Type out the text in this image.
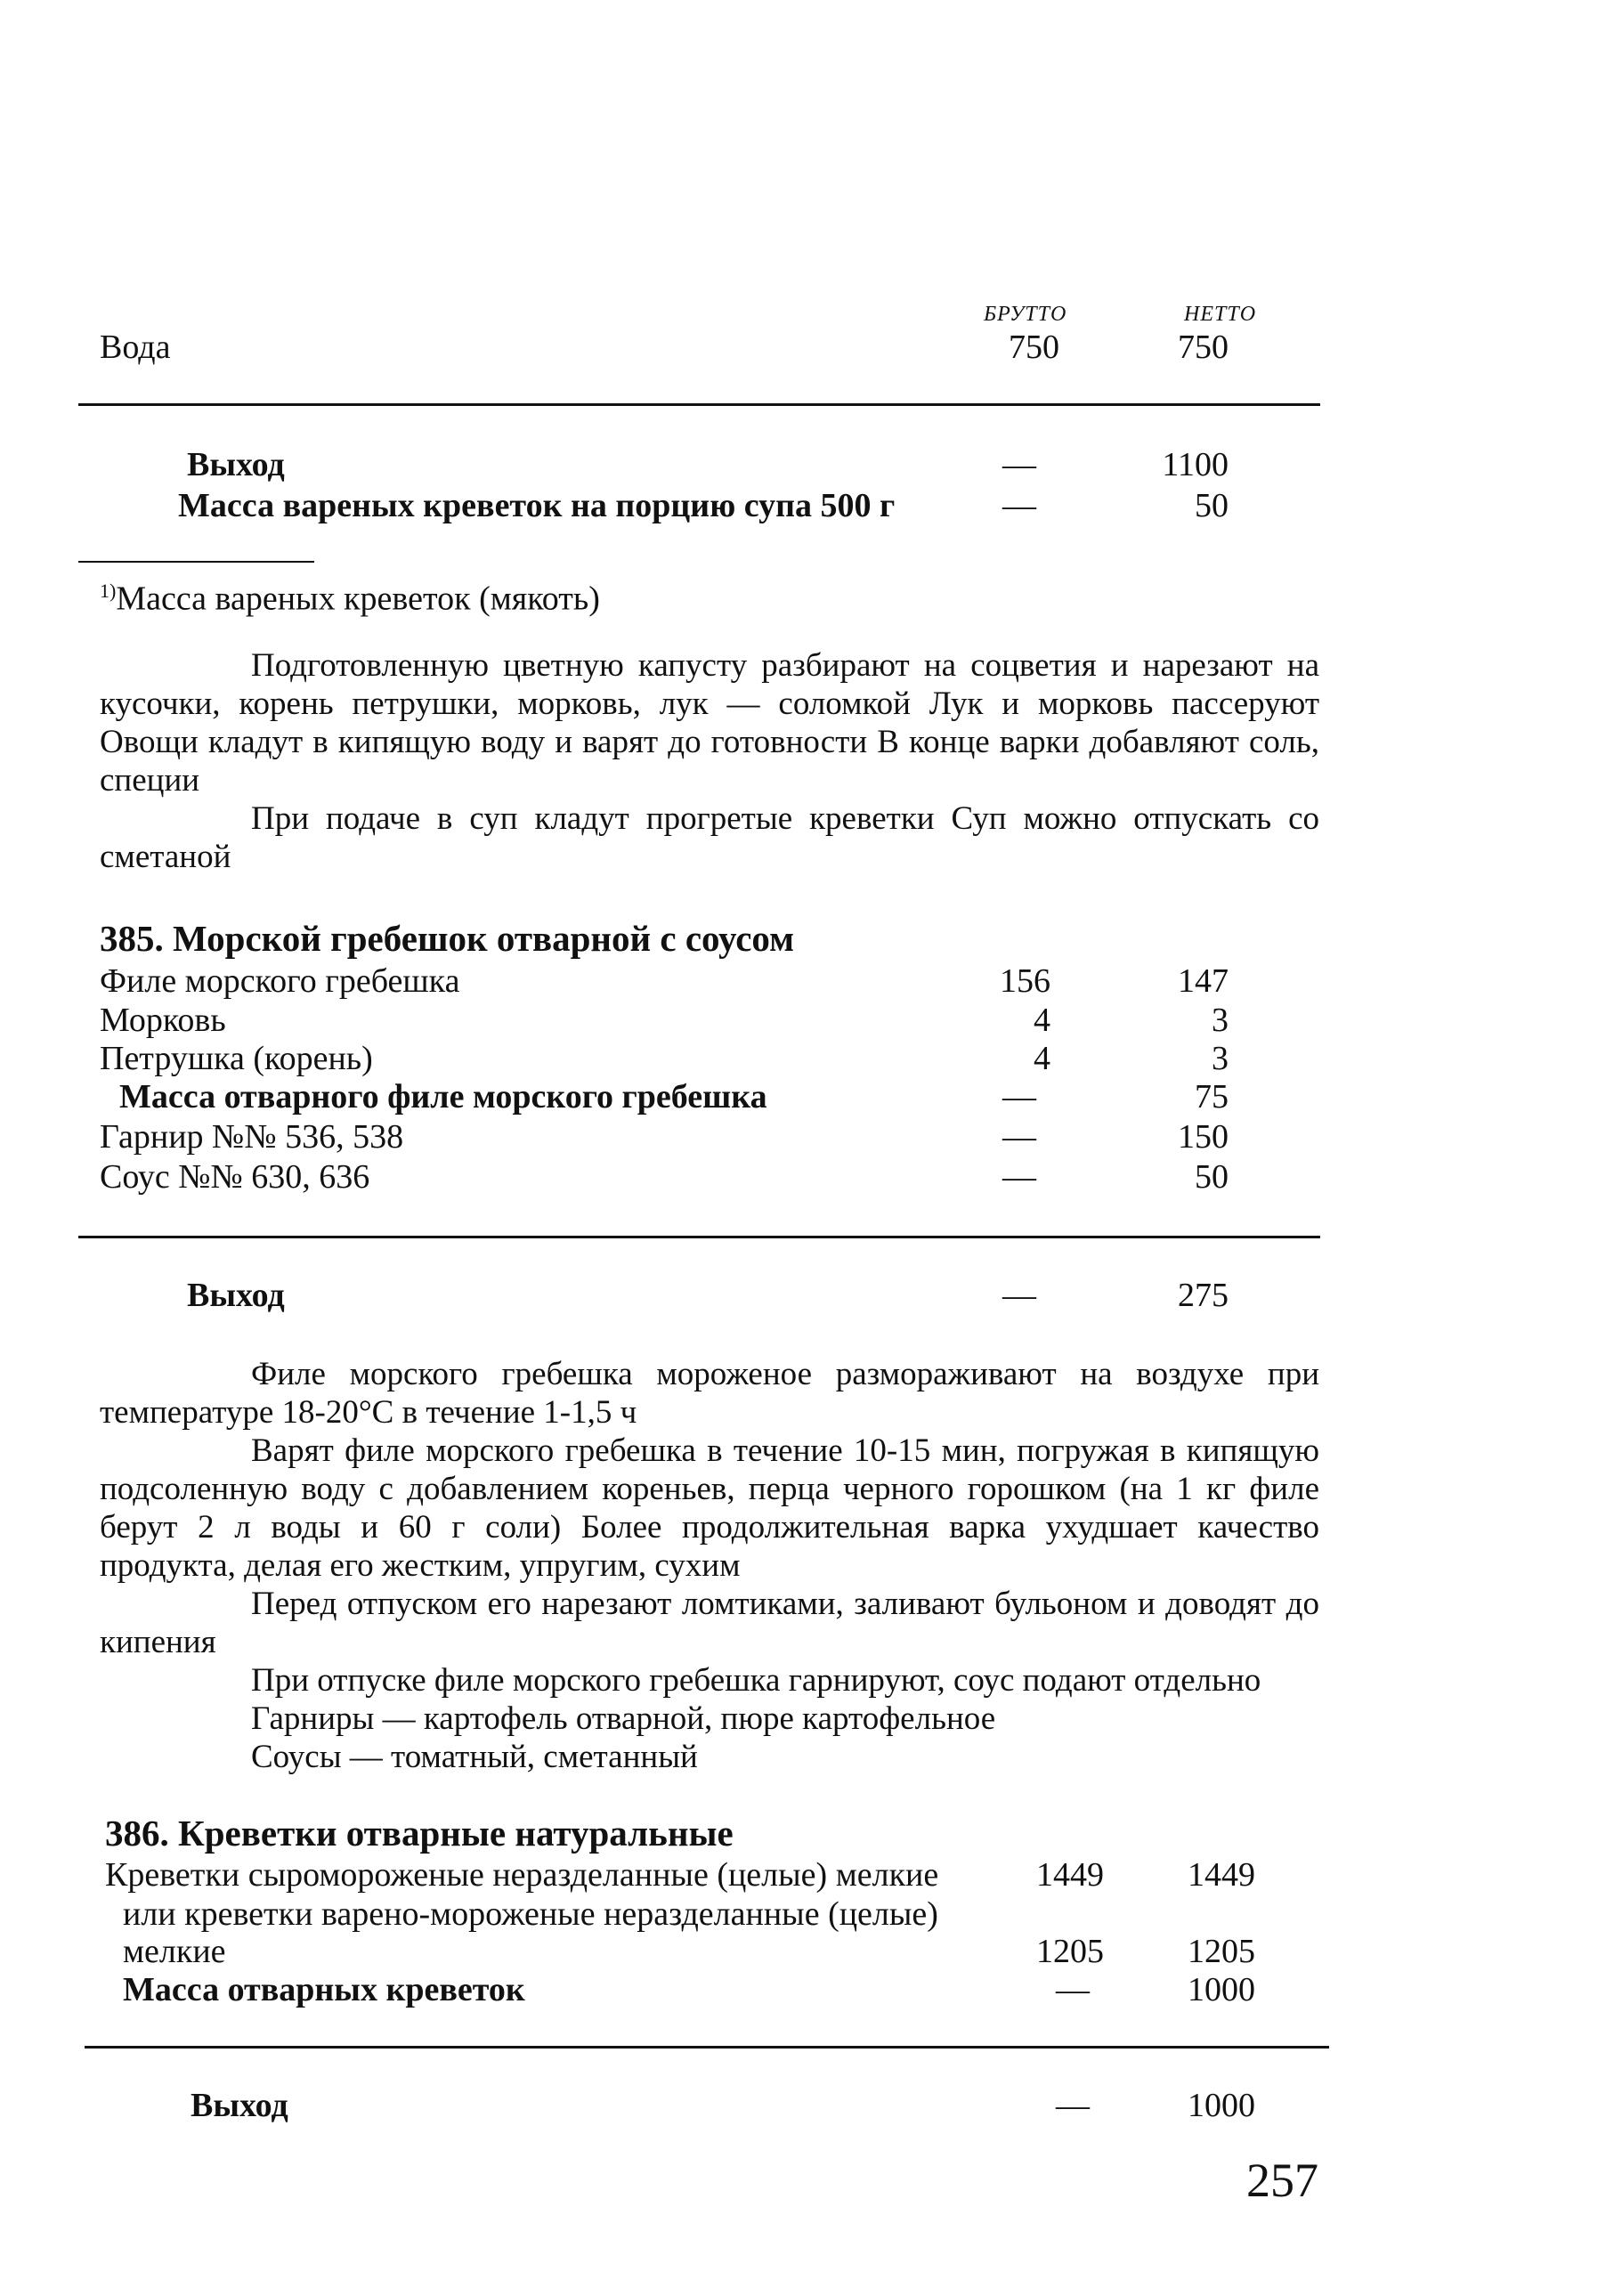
БРУТТО	НЕТТО
Вода	750	750
Выход	—	1100
Масса вареных креветок на порцию супа 500 г	—	50
$^{1)}$Масса вареных креветок (мякоть)

Подготовленную цветную капусту разбирают на соцветия и нарезают на кусочки, корень петрушки, морковь, лук — соломкой Лук и морковь пассеруют Овощи кладут в кипящую воду и варят до готовности В конце варки добавляют соль, специи

При подаче в суп кладут прогретые креветки Суп можно отпускать со сметаной

385. Морской гребешок отварной с соусом
Филе морского гребешка	156	147
Морковь	4	3
Петрушка (корень)	4	3
Масса отварного филе морского гребешка	—	75
Гарнир №№ 536, 538	—	150
Соус №№ 630, 636	—	50
Выход	—	275

Филе морского гребешка мороженое размораживают на воздухе при температуре 18-20°С в течение 1-1,5 ч

Варят филе морского гребешка в течение 10-15 мин, погружая в кипящую подсоленную воду с добавлением кореньев, перца черного горошком (на 1 кг филе берут 2 л воды и 60 г соли) Более продолжительная варка ухудшает качество продукта, делая его жестким, упругим, сухим

Перед отпуском его нарезают ломтиками, заливают бульоном и доводят до кипения

При отпуске филе морского гребешка гарнируют, соус подают отдельно

Гарниры — картофель отварной, пюре картофельное

Соусы — томатный, сметанный

386. Креветки отварные натуральные
Креветки сыромороженые неразделанные (целые) мелкие	1449	1449
или креветки варено-мороженые неразделанные (целые)
мелкие	1205	1205
Масса отварных креветок	—	1000
Выход	—	1000
257
